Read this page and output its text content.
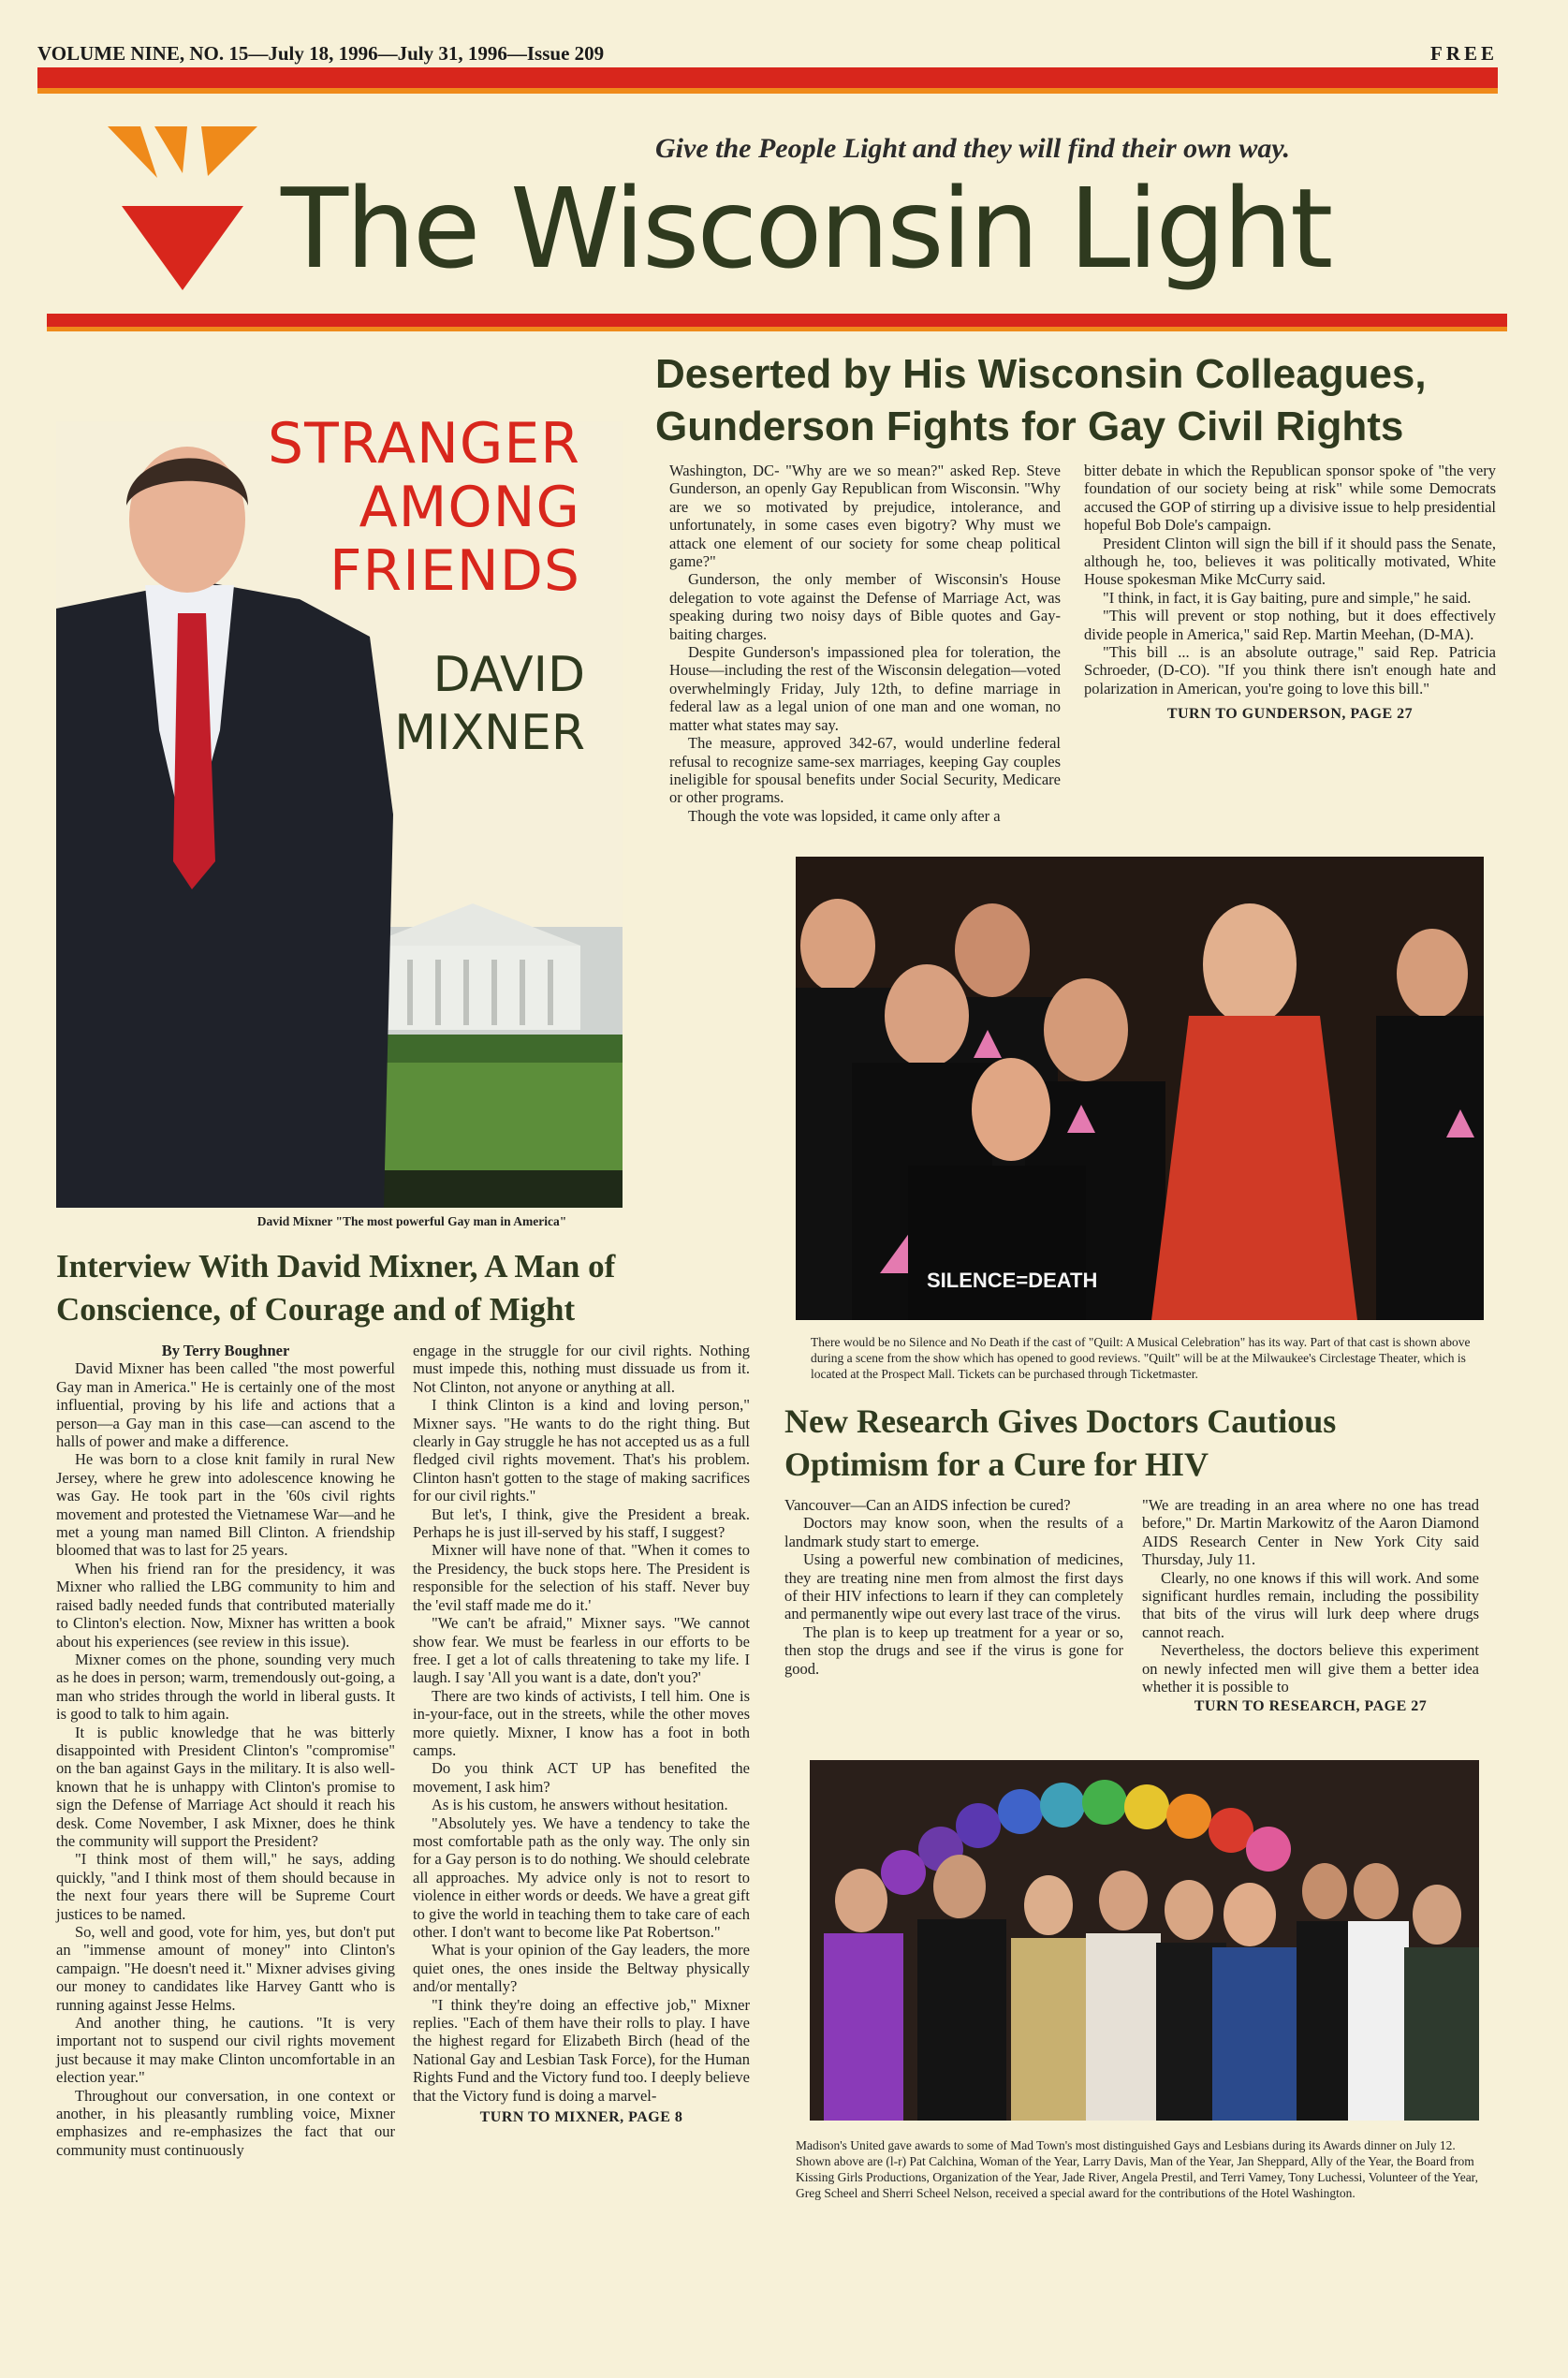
VOLUME NINE, NO. 15—July 18, 1996—July 31, 1996—Issue 209	FREE
Give the People Light and they will find their own way.
The Wisconsin Light
STRANGER
AMONG
FRIENDS
DAVID
MIXNER
David Mixner "The most powerful Gay man in America"
Deserted by His Wisconsin Colleagues,
Gunderson Fights for Gay Civil Rights

Washington, DC- "Why are we so mean?" asked Rep. Steve Gunderson, an openly Gay Republican from Wisconsin. "Why are we so motivated by prejudice, intolerance, and unfortunately, in some cases even bigotry? Why must we attack one element of our society for some cheap political game?"

Gunderson, the only member of Wisconsin's House delegation to vote against the Defense of Marriage Act, was speaking during two noisy days of Bible quotes and Gay-baiting charges.

Despite Gunderson's impassioned plea for toleration, the House—including the rest of the Wisconsin delegation—voted overwhelmingly Friday, July 12th, to define marriage in federal law as a legal union of one man and one woman, no matter what states may say.

The measure, approved 342-67, would underline federal refusal to recognize same-sex marriages, keeping Gay couples ineligible for spousal benefits under Social Security, Medicare or other programs.

Though the vote was lopsided, it came only after a

bitter debate in which the Republican sponsor spoke of "the very foundation of our society being at risk" while some Democrats accused the GOP of stirring up a divisive issue to help presidential hopeful Bob Dole's campaign.

President Clinton will sign the bill if it should pass the Senate, although he, too, believes it was politically motivated, White House spokesman Mike McCurry said.

"I think, in fact, it is Gay baiting, pure and simple," he said.

"This will prevent or stop nothing, but it does effectively divide people in America," said Rep. Martin Meehan, (D-MA).

"This bill ... is an absolute outrage," said Rep. Patricia Schroeder, (D-CO). "If you think there isn't enough hate and polarization in American, you're going to love this bill."

TURN TO GUNDERSON, PAGE 27
SILENCE=DEATH
There would be no Silence and No Death if the cast of "Quilt: A Musical Celebration" has its way. Part of that cast is shown above during a scene from the show which has opened to good reviews. "Quilt" will be at the Milwaukee's Circlestage Theater, which is located at the Prospect Mall. Tickets can be purchased through Ticketmaster.
New Research Gives Doctors Cautious
Optimism for a Cure for HIV

Vancouver—Can an AIDS infection be cured?

Doctors may know soon, when the results of a landmark study start to emerge.

Using a powerful new combination of medicines, they are treating nine men from almost the first days of their HIV infections to learn if they can completely and permanently wipe out every last trace of the virus.

The plan is to keep up treatment for a year or so, then stop the drugs and see if the virus is gone for good.

"We are treading in an area where no one has tread before," Dr. Martin Markowitz of the Aaron Diamond AIDS Research Center in New York City said Thursday, July 11.

Clearly, no one knows if this will work. And some significant hurdles remain, including the possibility that bits of the virus will lurk deep where drugs cannot reach.

Nevertheless, the doctors believe this experiment on newly infected men will give them a better idea whether it is possible to

TURN TO RESEARCH, PAGE 27
Interview With David Mixner, A Man of
Conscience, of Courage and of Might
By Terry Boughner

David Mixner has been called "the most powerful Gay man in America." He is certainly one of the most influential, proving by his life and actions that a person—a Gay man in this case—can ascend to the halls of power and make a difference.

He was born to a close knit family in rural New Jersey, where he grew into adolescence knowing he was Gay. He took part in the '60s civil rights movement and protested the Vietnamese War—and he met a young man named Bill Clinton. A friendship bloomed that was to last for 25 years.

When his friend ran for the presidency, it was Mixner who rallied the LBG community to him and raised badly needed funds that contributed materially to Clinton's election. Now, Mixner has written a book about his experiences (see review in this issue).

Mixner comes on the phone, sounding very much as he does in person; warm, tremendously out-going, a man who strides through the world in liberal gusts. It is good to talk to him again.

It is public knowledge that he was bitterly disappointed with President Clinton's "compromise" on the ban against Gays in the military. It is also well-known that he is unhappy with Clinton's promise to sign the Defense of Marriage Act should it reach his desk. Come November, I ask Mixner, does he think the community will support the President?

"I think most of them will," he says, adding quickly, "and I think most of them should because in the next four years there will be Supreme Court justices to be named.

So, well and good, vote for him, yes, but don't put an "immense amount of money" into Clinton's campaign. "He doesn't need it." Mixner advises giving our money to candidates like Harvey Gantt who is running against Jesse Helms.

And another thing, he cautions. "It is very important not to suspend our civil rights movement just because it may make Clinton uncomfortable in an election year."

Throughout our conversation, in one context or another, in his pleasantly rumbling voice, Mixner emphasizes and re-emphasizes the fact that our community must continuously

engage in the struggle for our civil rights. Nothing must impede this, nothing must dissuade us from it. Not Clinton, not anyone or anything at all.

I think Clinton is a kind and loving person," Mixner says. "He wants to do the right thing. But clearly in Gay struggle he has not accepted us as a full fledged civil rights movement. That's his problem. Clinton hasn't gotten to the stage of making sacrifices for our civil rights."

But let's, I think, give the President a break. Perhaps he is just ill-served by his staff, I suggest?

Mixner will have none of that. "When it comes to the Presidency, the buck stops here. The President is responsible for the selection of his staff. Never buy the 'evil staff made me do it.'

"We can't be afraid," Mixner says. "We cannot show fear. We must be fearless in our efforts to be free. I get a lot of calls threatening to take my life. I laugh. I say 'All you want is a date, don't you?'

There are two kinds of activists, I tell him. One is in-your-face, out in the streets, while the other moves more quietly. Mixner, I know has a foot in both camps.

Do you think ACT UP has benefited the movement, I ask him?

As is his custom, he answers without hesitation.

"Absolutely yes. We have a tendency to take the most comfortable path as the only way. The only sin for a Gay person is to do nothing. We should celebrate all approaches. My advice only is not to resort to violence in either words or deeds. We have a great gift to give the world in teaching them to take care of each other. I don't want to become like Pat Robertson."

What is your opinion of the Gay leaders, the more quiet ones, the ones inside the Beltway physically and/or mentally?

"I think they're doing an effective job," Mixner replies. "Each of them have their rolls to play. I have the highest regard for Elizabeth Birch (head of the National Gay and Lesbian Task Force), for the Human Rights Fund and the Victory fund too. I deeply believe that the Victory fund is doing a marvel-

TURN TO MIXNER, PAGE 8
Madison's United gave awards to some of Mad Town's most distinguished Gays and Lesbians during its Awards dinner on July 12. Shown above are (l-r) Pat Calchina, Woman of the Year, Larry Davis, Man of the Year, Jan Sheppard, Ally of the Year, the Board from Kissing Girls Productions, Organization of the Year, Jade River, Angela Prestil, and Terri Vamey, Tony Luchessi, Volunteer of the Year, Greg Scheel and Sherri Scheel Nelson, received a special award for the contributions of the Hotel Washington.
